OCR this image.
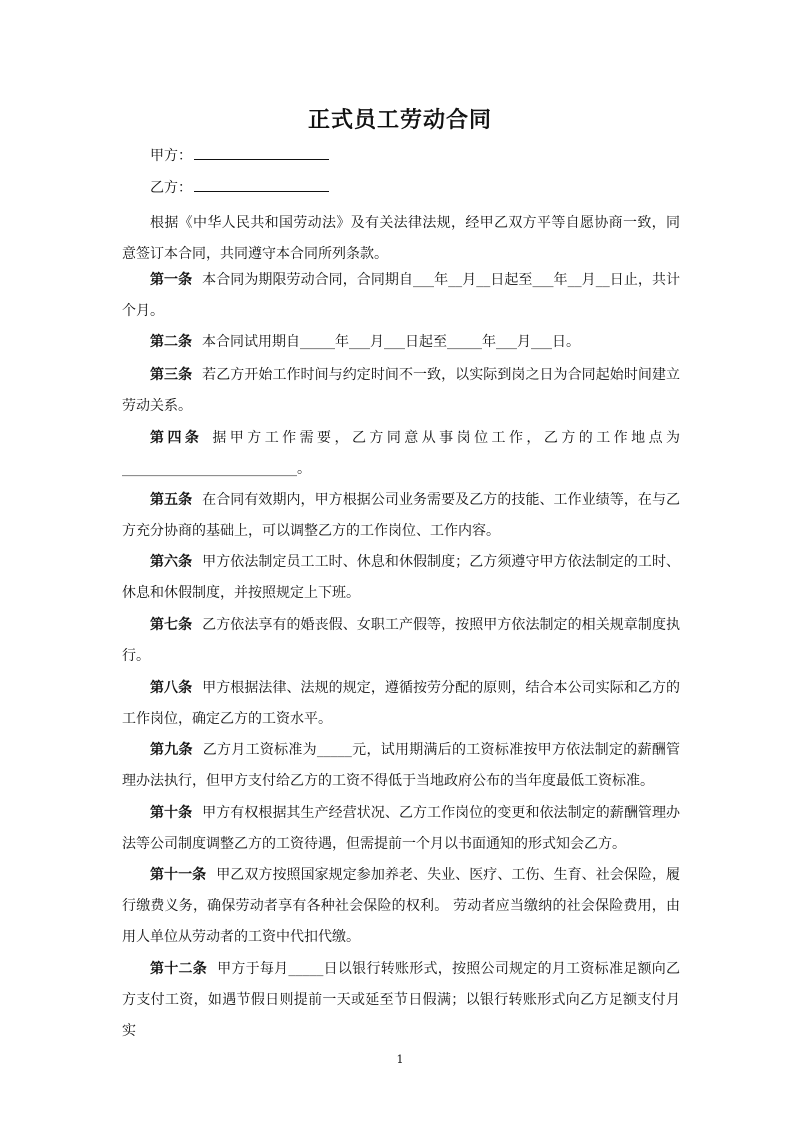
正式员工劳动合同
甲方：
乙方：

根据《中华人民共和国劳动法》及有关法律法规，经甲乙双方平等自愿协商一致，同意签订本合同，共同遵守本合同所列条款。

第一条 本合同为期限劳动合同，合同期自___年__月__日起至___年__月__日止，共计个月。

第二条 本合同试用期自_____年___月___日起至_____年___月___日。

第三条 若乙方开始工作时间与约定时间不一致，以实际到岗之日为合同起始时间建立劳动关系。

第四条 据甲方工作需要，乙方同意从事岗位工作，乙方的工作地点为_________________________。

第五条 在合同有效期内，甲方根据公司业务需要及乙方的技能、工作业绩等，在与乙方充分协商的基础上，可以调整乙方的工作岗位、工作内容。

第六条 甲方依法制定员工工时、休息和休假制度；乙方须遵守甲方依法制定的工时、休息和休假制度，并按照规定上下班。

第七条 乙方依法享有的婚丧假、女职工产假等，按照甲方依法制定的相关规章制度执行。

第八条 甲方根据法律、法规的规定，遵循按劳分配的原则，结合本公司实际和乙方的工作岗位，确定乙方的工资水平。

第九条 乙方月工资标准为_____元，试用期满后的工资标准按甲方依法制定的薪酬管理办法执行，但甲方支付给乙方的工资不得低于当地政府公布的当年度最低工资标准。

第十条 甲方有权根据其生产经营状况、乙方工作岗位的变更和依法制定的薪酬管理办法等公司制度调整乙方的工资待遇，但需提前一个月以书面通知的形式知会乙方。

第十一条 甲乙双方按照国家规定参加养老、失业、医疗、工伤、生育、社会保险，履行缴费义务，确保劳动者享有各种社会保险的权利。 劳动者应当缴纳的社会保险费用，由用人单位从劳动者的工资中代扣代缴。

第十二条 甲方于每月_____日以银行转账形式，按照公司规定的月工资标准足额向乙方支付工资，如遇节假日则提前一天或延至节日假满；以银行转账形式向乙方足额支付月实

1
